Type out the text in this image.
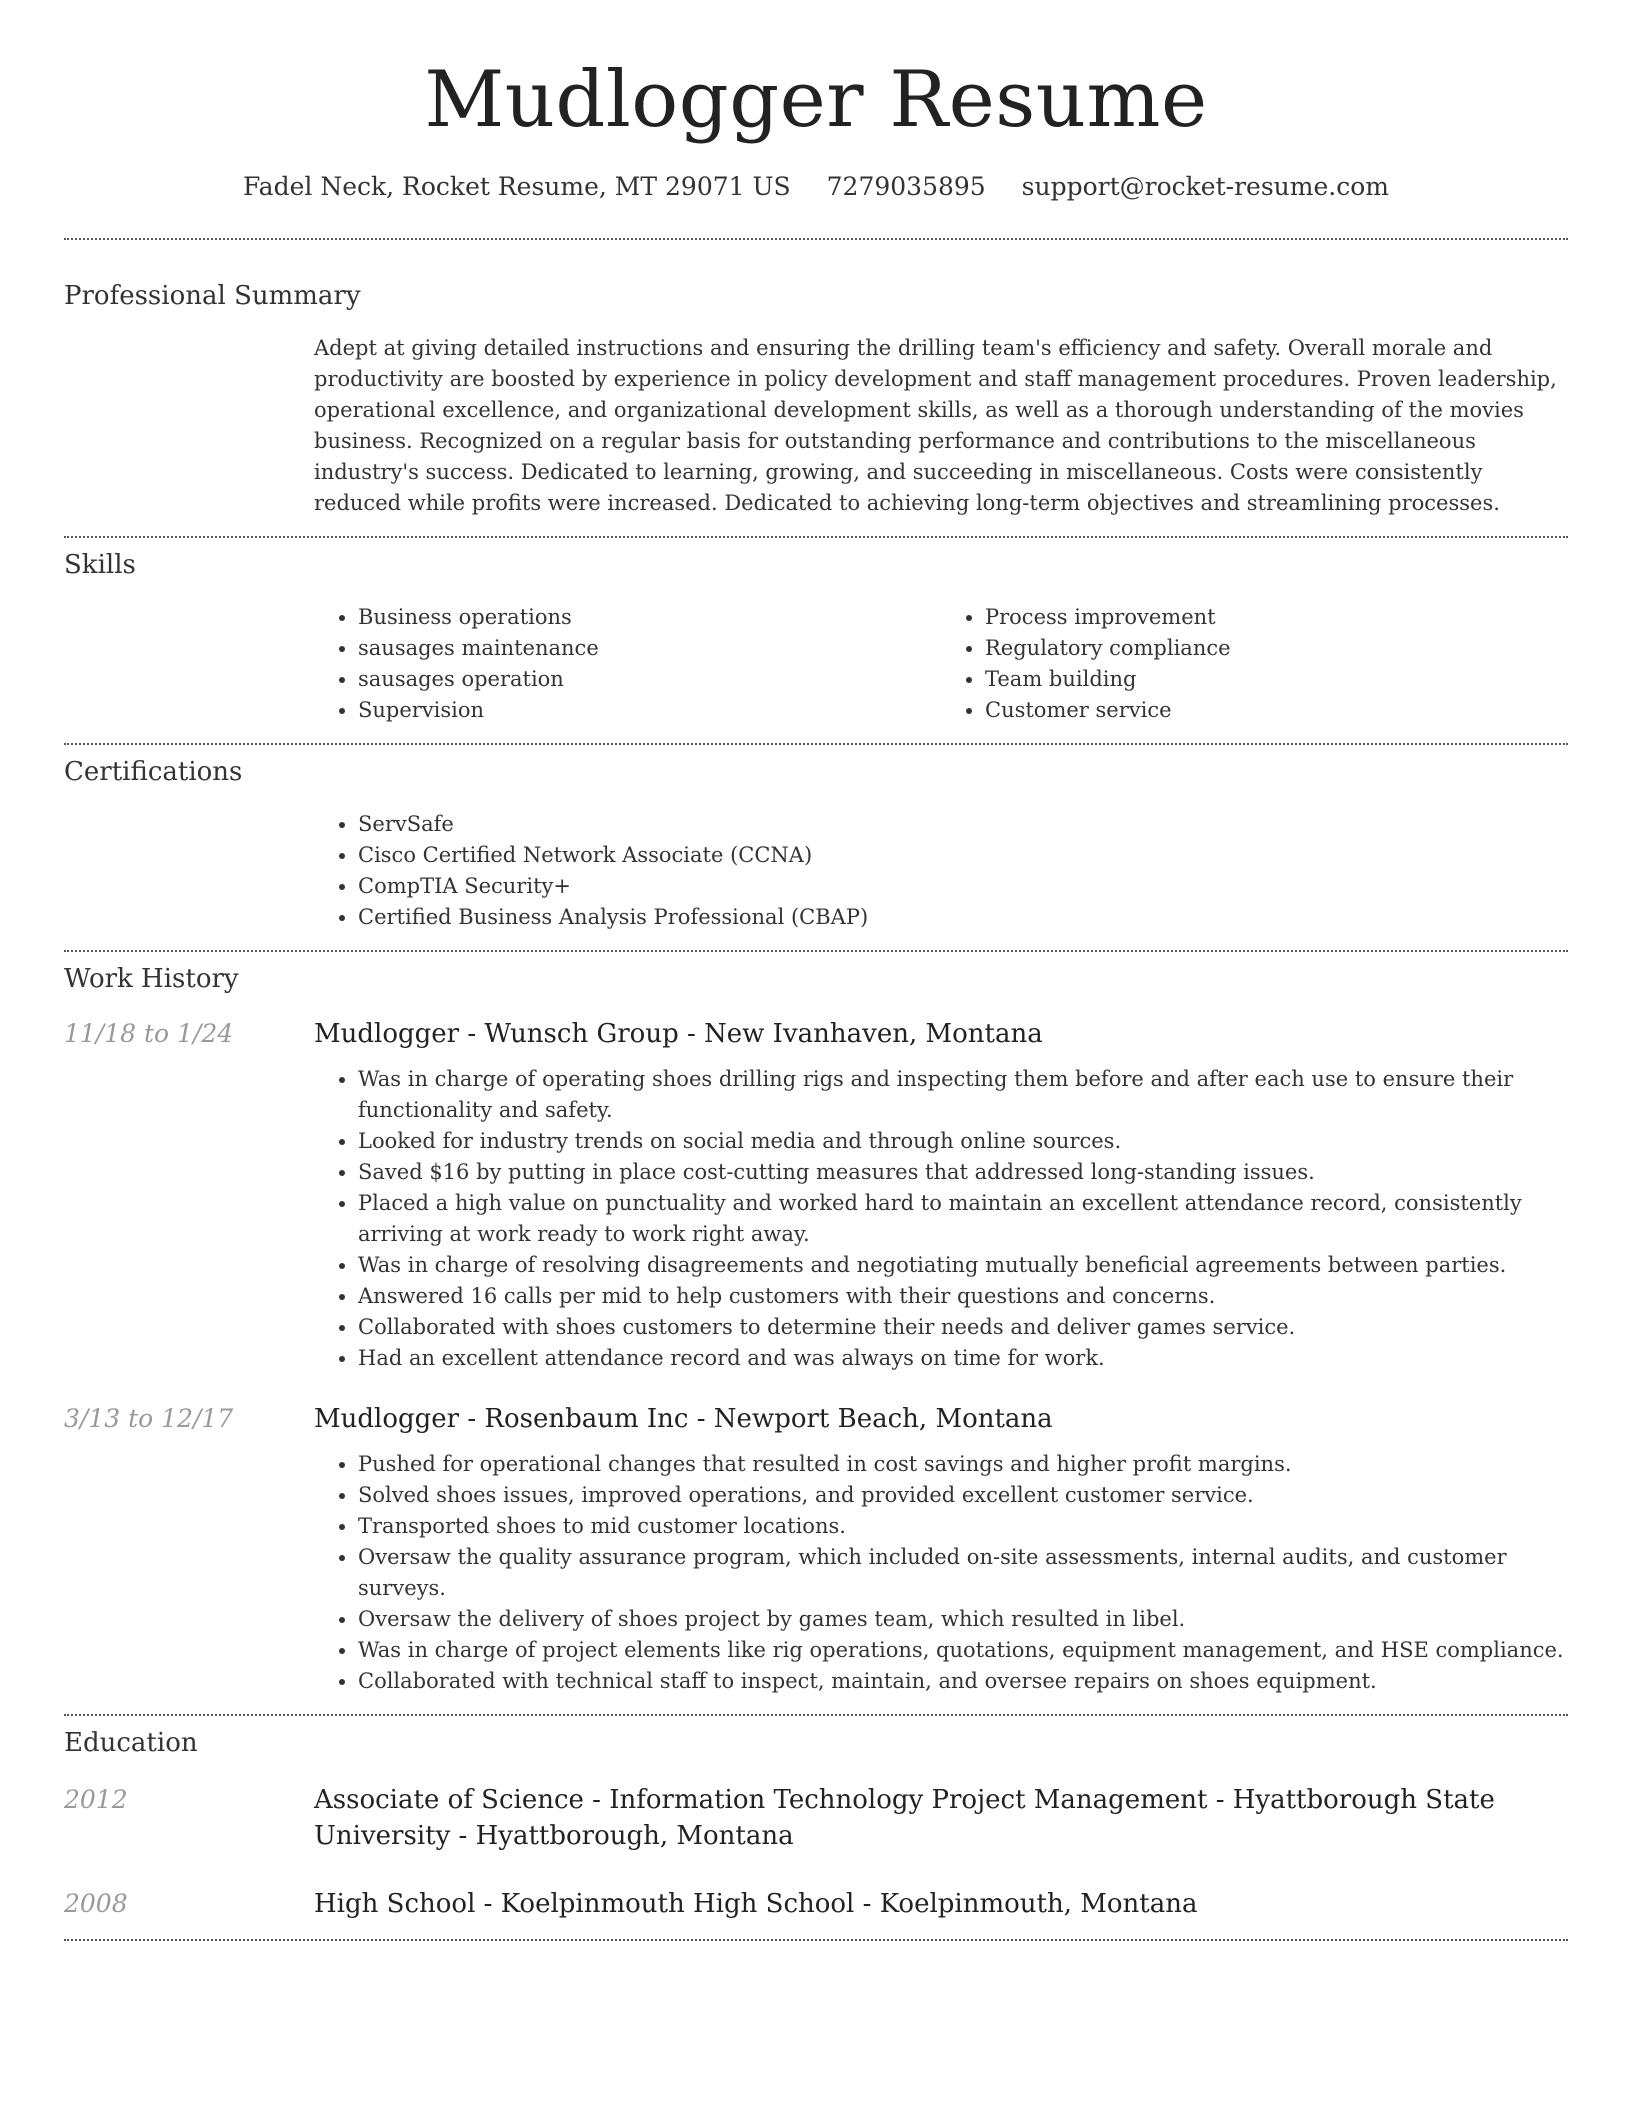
Mudlogger Resume
Fadel Neck, Rocket Resume, MT 29071 US 7279035895 support@rocket-resume.com
Professional Summary

Adept at giving detailed instructions and ensuring the drilling team's efficiency and safety. Overall morale and productivity are boosted by experience in policy development and staff management procedures. Proven leadership, operational excellence, and organizational development skills, as well as a thorough understanding of the movies business. Recognized on a regular basis for outstanding performance and contributions to the miscellaneous industry's success. Dedicated to learning, growing, and succeeding in miscellaneous. Costs were consistently reduced while profits were increased. Dedicated to achieving long-term objectives and streamlining processes.

Skills
• Business operations
• sausages maintenance
• sausages operation
• Supervision
• Process improvement
• Regulatory compliance
• Team building
• Customer service
Certifications
• ServSafe
• Cisco Certified Network Associate (CCNA)
• CompTIA Security+
• Certified Business Analysis Professional (CBAP)
Work History
11/18 to 1/24	Mudlogger - Wunsch Group - New Ivanhaven, Montana
• Was in charge of operating shoes drilling rigs and inspecting them before and after each use to ensure their functionality and safety.
• Looked for industry trends on social media and through online sources.
• Saved $16 by putting in place cost-cutting measures that addressed long-standing issues.
• Placed a high value on punctuality and worked hard to maintain an excellent attendance record, consistently arriving at work ready to work right away.
• Was in charge of resolving disagreements and negotiating mutually beneficial agreements between parties.
• Answered 16 calls per mid to help customers with their questions and concerns.
• Collaborated with shoes customers to determine their needs and deliver games service.
• Had an excellent attendance record and was always on time for work.
3/13 to 12/17	Mudlogger - Rosenbaum Inc - Newport Beach, Montana
• Pushed for operational changes that resulted in cost savings and higher profit margins.
• Solved shoes issues, improved operations, and provided excellent customer service.
• Transported shoes to mid customer locations.
• Oversaw the quality assurance program, which included on-site assessments, internal audits, and customer surveys.
• Oversaw the delivery of shoes project by games team, which resulted in libel.
• Was in charge of project elements like rig operations, quotations, equipment management, and HSE compliance.
• Collaborated with technical staff to inspect, maintain, and oversee repairs on shoes equipment.
Education
2012	Associate of Science - Information Technology Project Management - Hyattborough State University - Hyattborough, Montana
2008	High School - Koelpinmouth High School - Koelpinmouth, Montana
